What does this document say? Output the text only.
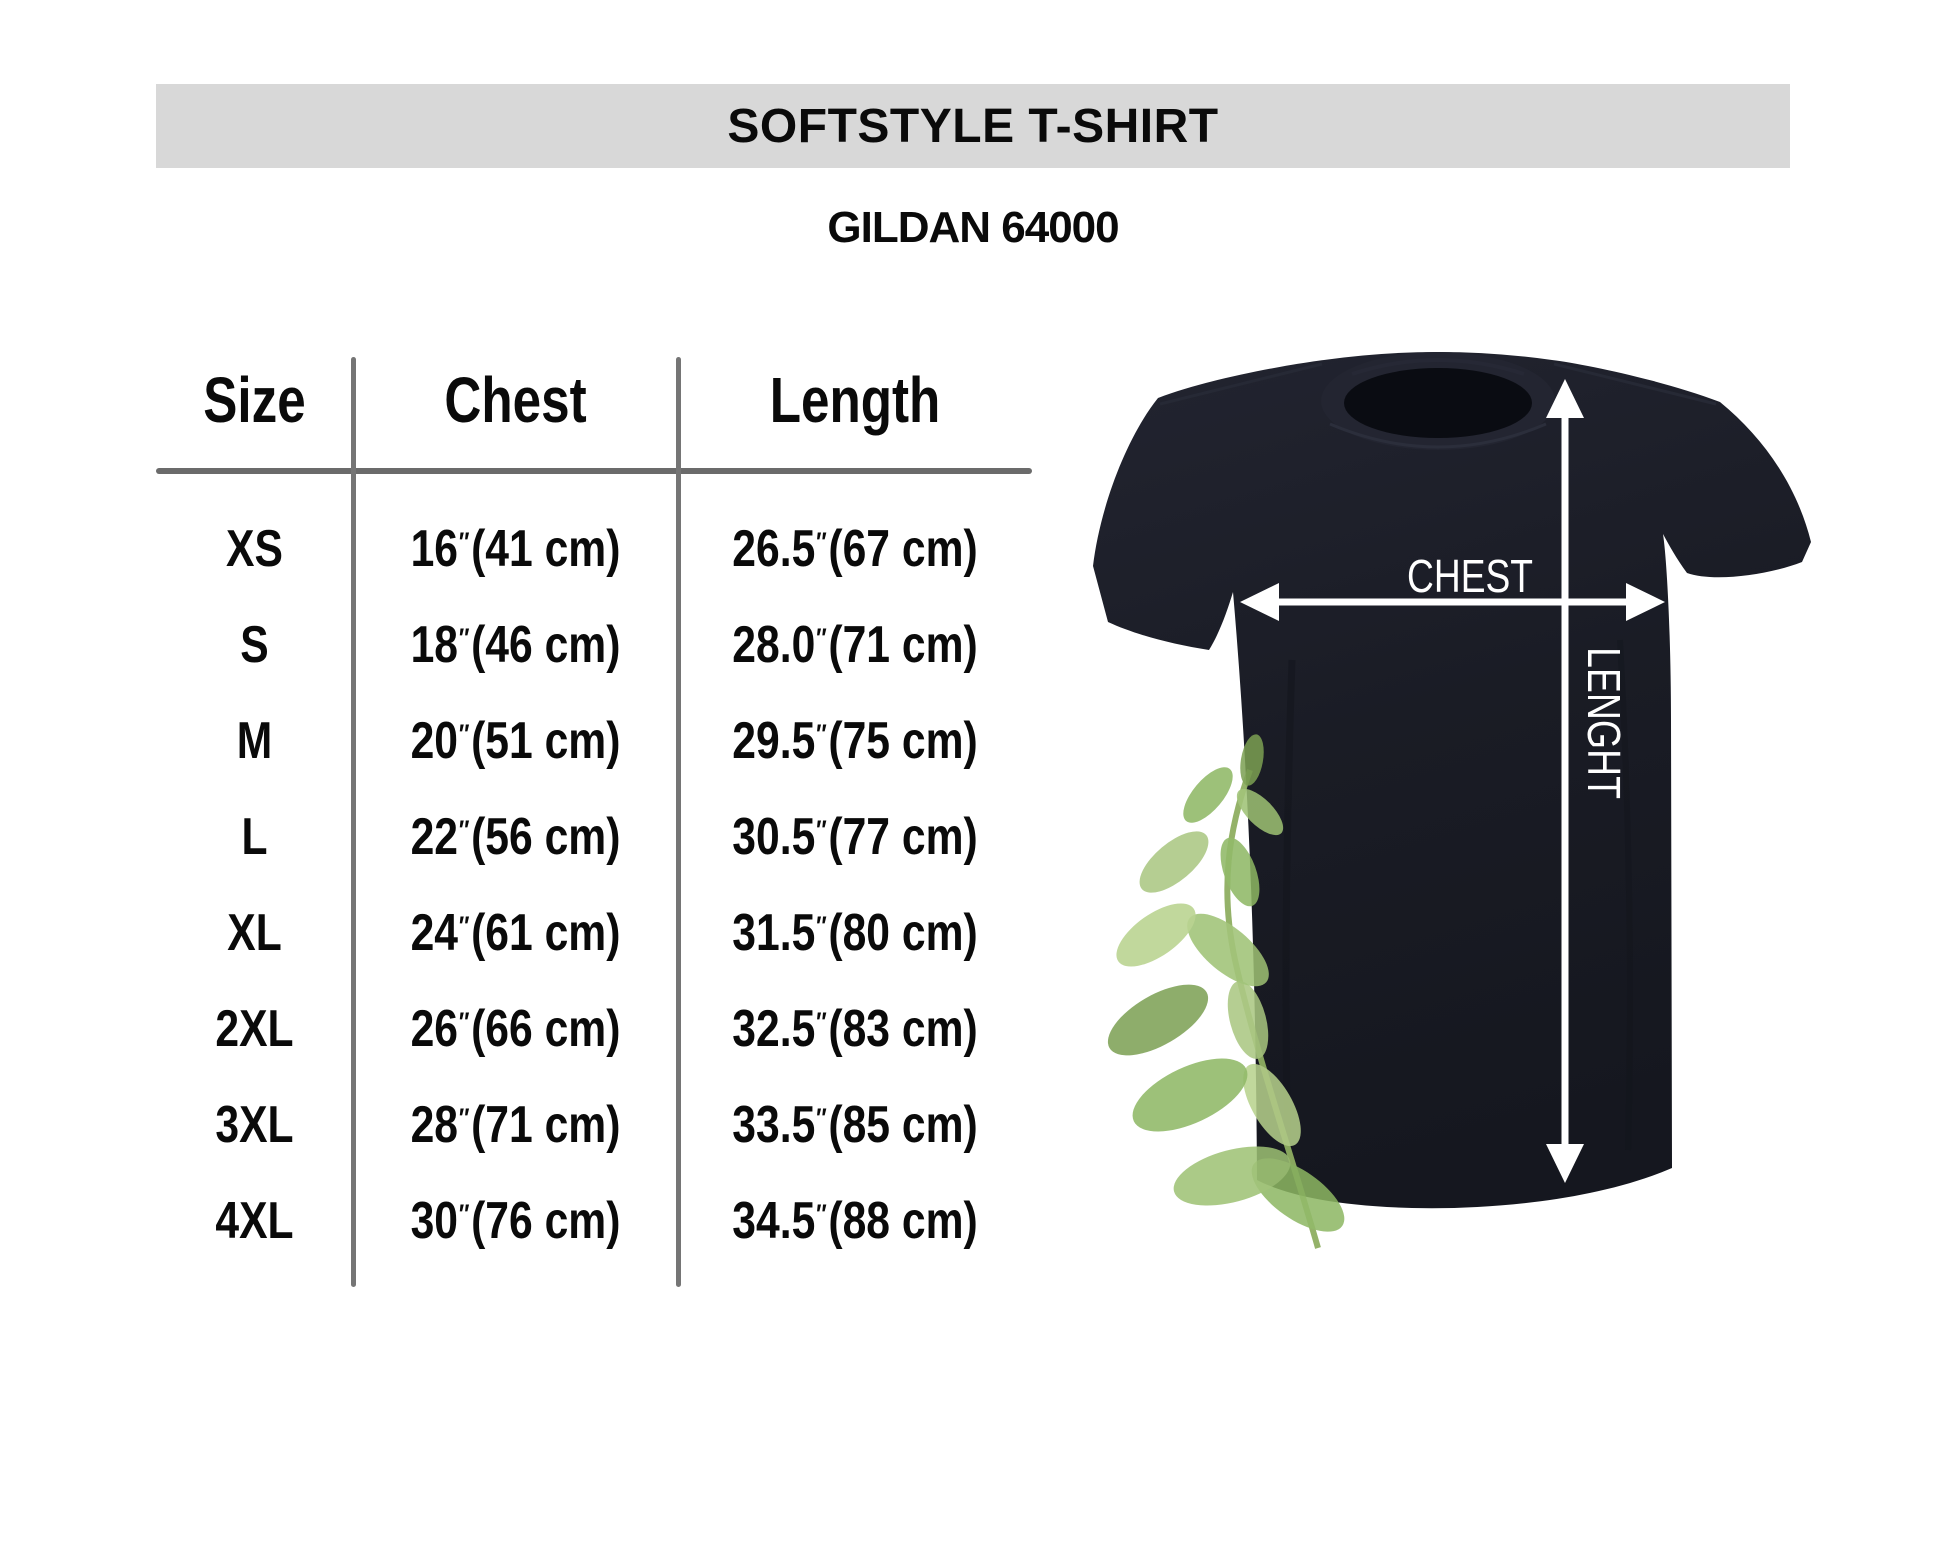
SOFTSTYLE T-SHIRT
GILDAN 64000
Size	Chest	Length
XS	16″(41 cm)	26.5″(67 cm)
S	18″(46 cm)	28.0″(71 cm)
M	20″(51 cm)	29.5″(75 cm)
L	22″(56 cm)	30.5″(77 cm)
XL	24″(61 cm)	31.5″(80 cm)
2XL	26″(66 cm)	32.5″(83 cm)
3XL	28″(71 cm)	33.5″(85 cm)
4XL	30″(76 cm)	34.5″(88 cm)
CHEST
LENGHT
